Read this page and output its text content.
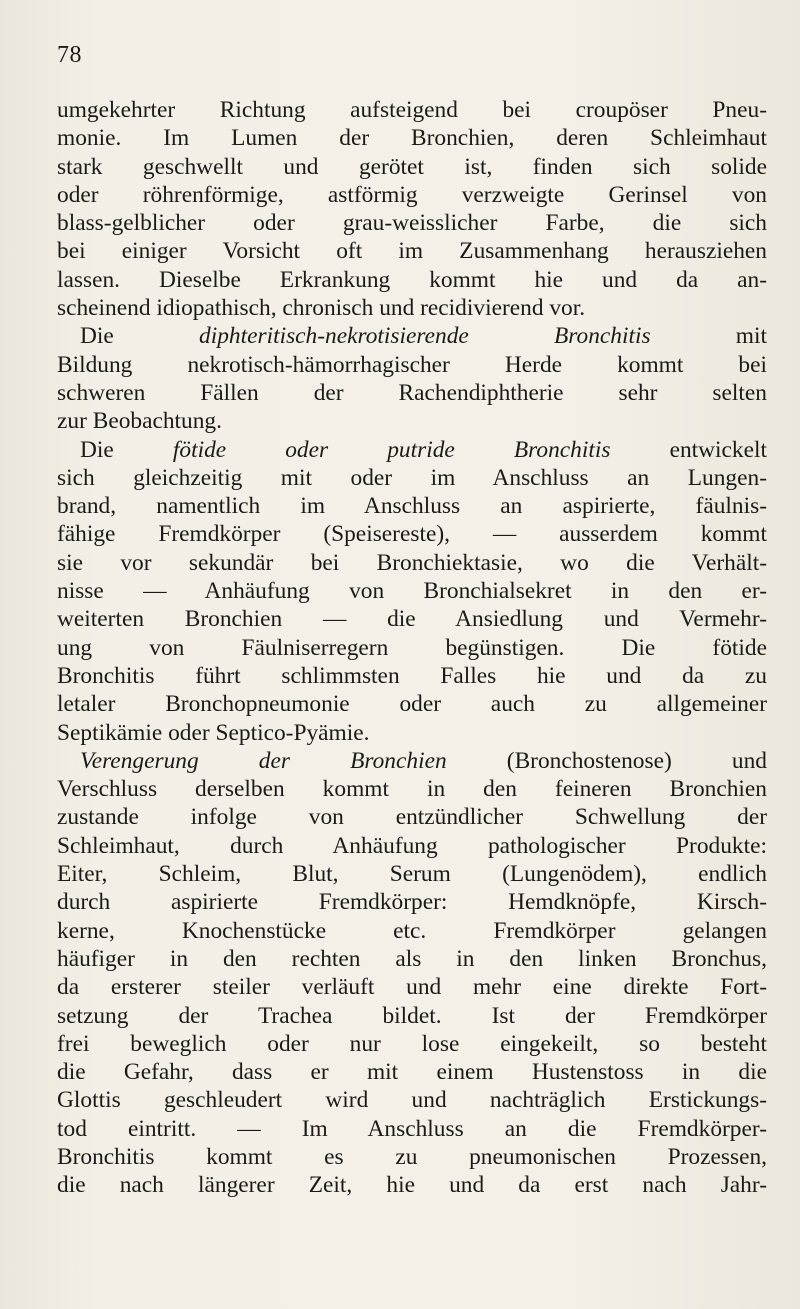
78
umgekehrter Richtung aufsteigend bei croupöser Pneu-
monie. Im Lumen der Bronchien, deren Schleimhaut
stark geschwellt und gerötet ist, finden sich solide
oder röhrenförmige, astförmig verzweigte Gerinsel von
blass-gelblicher oder grau-weisslicher Farbe, die sich
bei einiger Vorsicht oft im Zusammenhang herausziehen
lassen. Dieselbe Erkrankung kommt hie und da an-
scheinend idiopathisch, chronisch und recidivierend vor.
Die diphteritisch-nekrotisierende Bronchitis mit
Bildung nekrotisch-hämorrhagischer Herde kommt bei
schweren Fällen der Rachendiphtherie sehr selten
zur Beobachtung.
Die fötide oder putride Bronchitis entwickelt
sich gleichzeitig mit oder im Anschluss an Lungen-
brand, namentlich im Anschluss an aspirierte, fäulnis-
fähige Fremdkörper (Speisereste), — ausserdem kommt
sie vor sekundär bei Bronchiektasie, wo die Verhält-
nisse — Anhäufung von Bronchialsekret in den er-
weiterten Bronchien — die Ansiedlung und Vermehr-
ung von Fäulniserregern begünstigen. Die fötide
Bronchitis führt schlimmsten Falles hie und da zu
letaler Bronchopneumonie oder auch zu allgemeiner
Septikämie oder Septico-Pyämie.
Verengerung der Bronchien (Bronchostenose) und
Verschluss derselben kommt in den feineren Bronchien
zustande infolge von entzündlicher Schwellung der
Schleimhaut, durch Anhäufung pathologischer Produkte:
Eiter, Schleim, Blut, Serum (Lungenödem), endlich
durch aspirierte Fremdkörper: Hemdknöpfe, Kirsch-
kerne, Knochenstücke etc. Fremdkörper gelangen
häufiger in den rechten als in den linken Bronchus,
da ersterer steiler verläuft und mehr eine direkte Fort-
setzung der Trachea bildet. Ist der Fremdkörper
frei beweglich oder nur lose eingekeilt, so besteht
die Gefahr, dass er mit einem Hustenstoss in die
Glottis geschleudert wird und nachträglich Erstickungs-
tod eintritt. — Im Anschluss an die Fremdkörper-
Bronchitis kommt es zu pneumonischen Prozessen,
die nach längerer Zeit, hie und da erst nach Jahr-
